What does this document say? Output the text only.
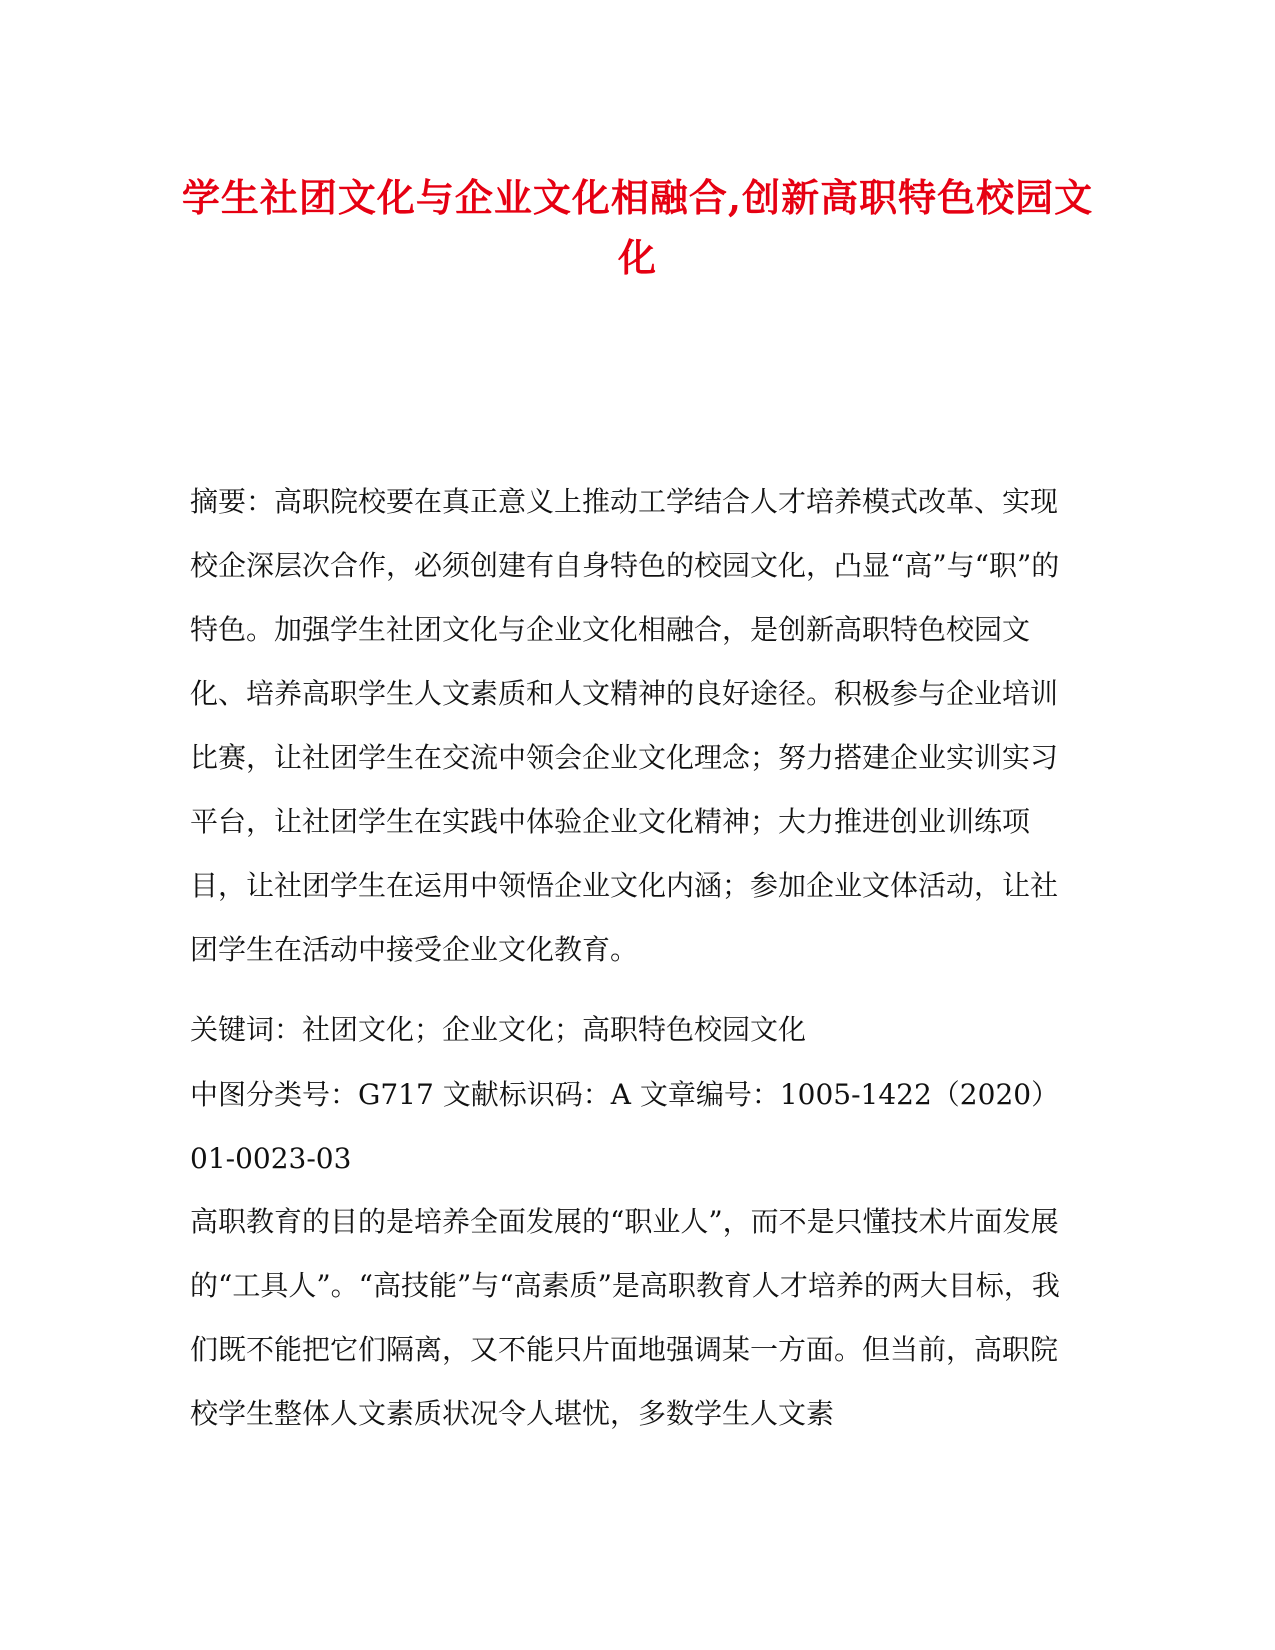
学生社团文化与企业文化相融合,创新高职特色校园文化

摘要：高职院校要在真正意义上推动工学结合人才培养模式改革、实现校企深层次合作，必须创建有自身特色的校园文化，凸显“高”与“职”的特色。加强学生社团文化与企业文化相融合，是创新高职特色校园文化、培养高职学生人文素质和人文精神的良好途径。积极参与企业培训比赛，让社团学生在交流中领会企业文化理念；努力搭建企业实训实习平台，让社团学生在实践中体验企业文化精神；大力推进创业训练项目，让社团学生在运用中领悟企业文化内涵；参加企业文体活动，让社团学生在活动中接受企业文化教育。

关键词：社团文化；企业文化；高职特色校园文化

中图分类号：G717 文献标识码：A 文章编号：1005-1422（2020）01-0023-03

高职教育的目的是培养全面发展的“职业人”，而不是只懂技术片面发展的“工具人”。“高技能”与“高素质”是高职教育人才培养的两大目标，我们既不能把它们隔离，又不能只片面地强调某一方面。但当前，高职院校学生整体人文素质状况令人堪忧，多数学生人文素
